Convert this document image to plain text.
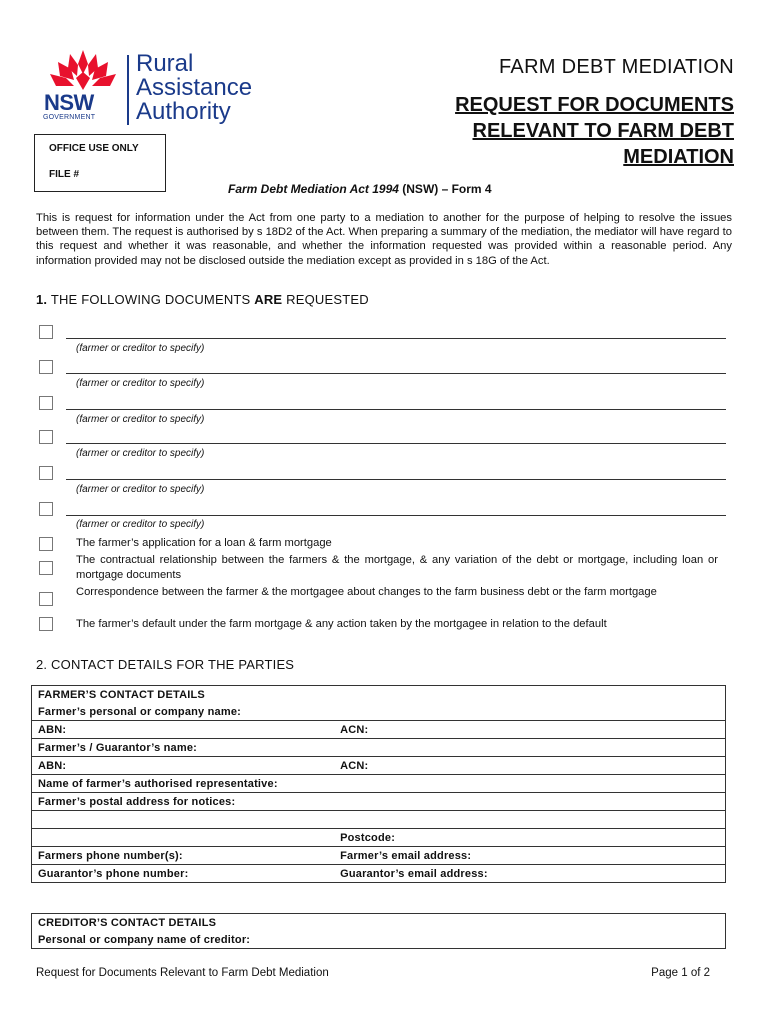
NSW
GOVERNMENT
Rural
Assistance
Authority
OFFICE USE ONLY
FILE #
FARM DEBT MEDIATION
REQUEST FOR DOCUMENTS
RELEVANT TO FARM DEBT
MEDIATION
Farm Debt Mediation Act 1994 (NSW) – Form 4
This is request for information under the Act from one party to a mediation to another for the purpose of helping to resolve the issues between them. The request is authorised by s 18D2 of the Act. When preparing a summary of the mediation, the mediator will have regard to this request and whether it was reasonable, and whether the information requested was provided within a reasonable period. Any information provided may not be disclosed outside the mediation except as provided in s 18G of the Act.
1. THE FOLLOWING DOCUMENTS ARE REQUESTED
(farmer or creditor to specify)
(farmer or creditor to specify)
(farmer or creditor to specify)
(farmer or creditor to specify)
(farmer or creditor to specify)
(farmer or creditor to specify)
The farmer’s application for a loan & farm mortgage
The contractual relationship between the farmers & the mortgage, & any variation of the debt or mortgage, including loan or mortgage documents
Correspondence between the farmer & the mortgagee about changes to the farm business debt or the farm mortgage
The farmer’s default under the farm mortgage & any action taken by the mortgagee in relation to the default
2. CONTACT DETAILS FOR THE PARTIES
FARMER’S CONTACT DETAILS	
Farmer’s personal or company name:	
ABN:	ACN:
Farmer’s / Guarantor’s name:	
ABN:	ACN:
Name of farmer’s authorised representative:	
Farmer’s postal address for notices:	

	Postcode:
Farmers phone number(s):	Farmer’s email address:
Guarantor’s phone number:	Guarantor’s email address:
CREDITOR’S CONTACT DETAILS
Personal or company name of creditor:
Request for Documents Relevant to Farm Debt Mediation	Page 1 of 2
